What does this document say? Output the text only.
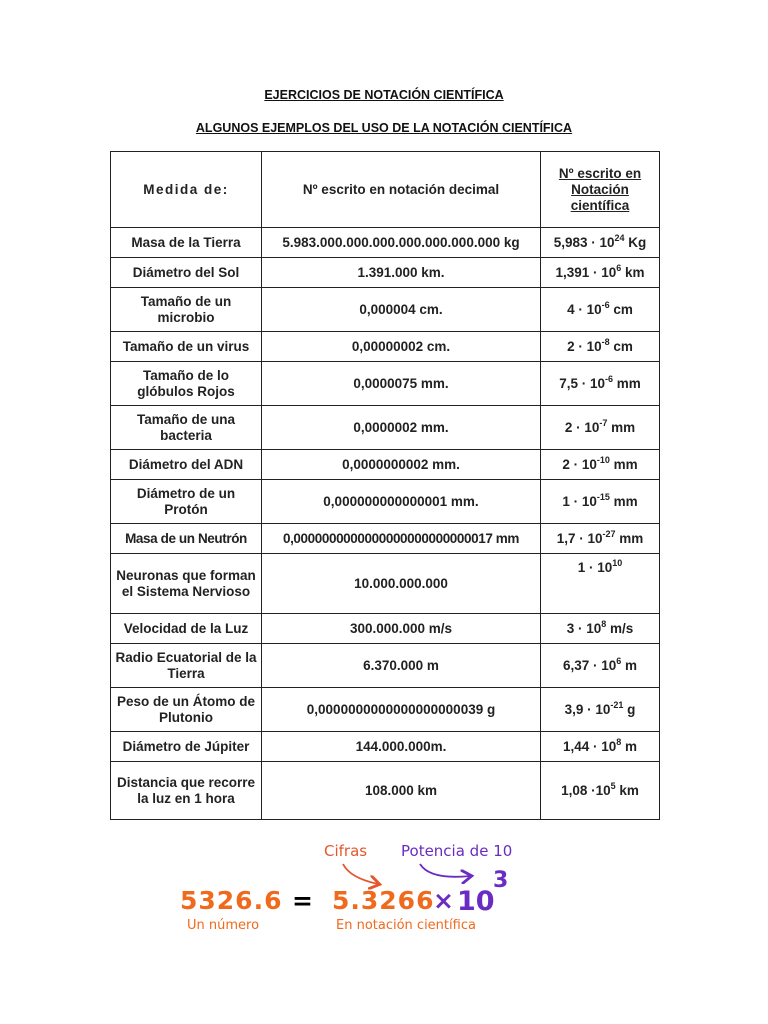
EJERCICIOS DE NOTACIÓN CIENTÍFICA
ALGUNOS EJEMPLOS DEL USO DE LA NOTACIÓN CIENTÍFICA
Medida de:	Nº escrito en notación decimal	Nº escrito en Notación científica
Masa de la Tierra	5.983.000.000.000.000.000.000.000 kg	$5,983 \cdot 10^{24}$ Kg
Diámetro del Sol	1.391.000 km.	$1,391 \cdot 10^6$ km
Tamaño de un microbio	0,000004 cm.	$4 \cdot 10^{-6}$ cm
Tamaño de un virus	0,00000002 cm.	$2 \cdot 10^{-8}$ cm
Tamaño de lo glóbulos Rojos	0,0000075 mm.	$7,5 \cdot 10^{-6}$ mm
Tamaño de una bacteria	0,0000002 mm.	$2 \cdot 10^{-7}$ mm
Diámetro del ADN	0,0000000002 mm.	$2 \cdot 10^{-10}$ mm
Diámetro de un Protón	0,000000000000001 mm.	$1 \cdot 10^{-15}$ mm
Masa de un Neutrón	0,0000000000000000000000000017 mm	$1,7 \cdot 10^{-27}$ mm
Neuronas que forman el Sistema Nervioso	10.000.000.000	$1 \cdot 10^{10}$
Velocidad de la Luz	300.000.000 m/s	$3 \cdot 10^8$ m/s
Radio Ecuatorial de la Tierra	6.370.000 m	$6,37 \cdot 10^6$ m
Peso de un Átomo de Plutonio	0,0000000000000000000039 g	$3,9 \cdot 10^{-21}$ g
Diámetro de Júpiter	144.000.000m.	$1,44 \cdot 10^8$ m
Distancia que recorre la luz en 1 hora	108.000 km	$1,08 \cdot 10^5$ km
Cifras Potencia de 10
5326.6 = 5.3266
× 10
3
Un número	En notación científica
